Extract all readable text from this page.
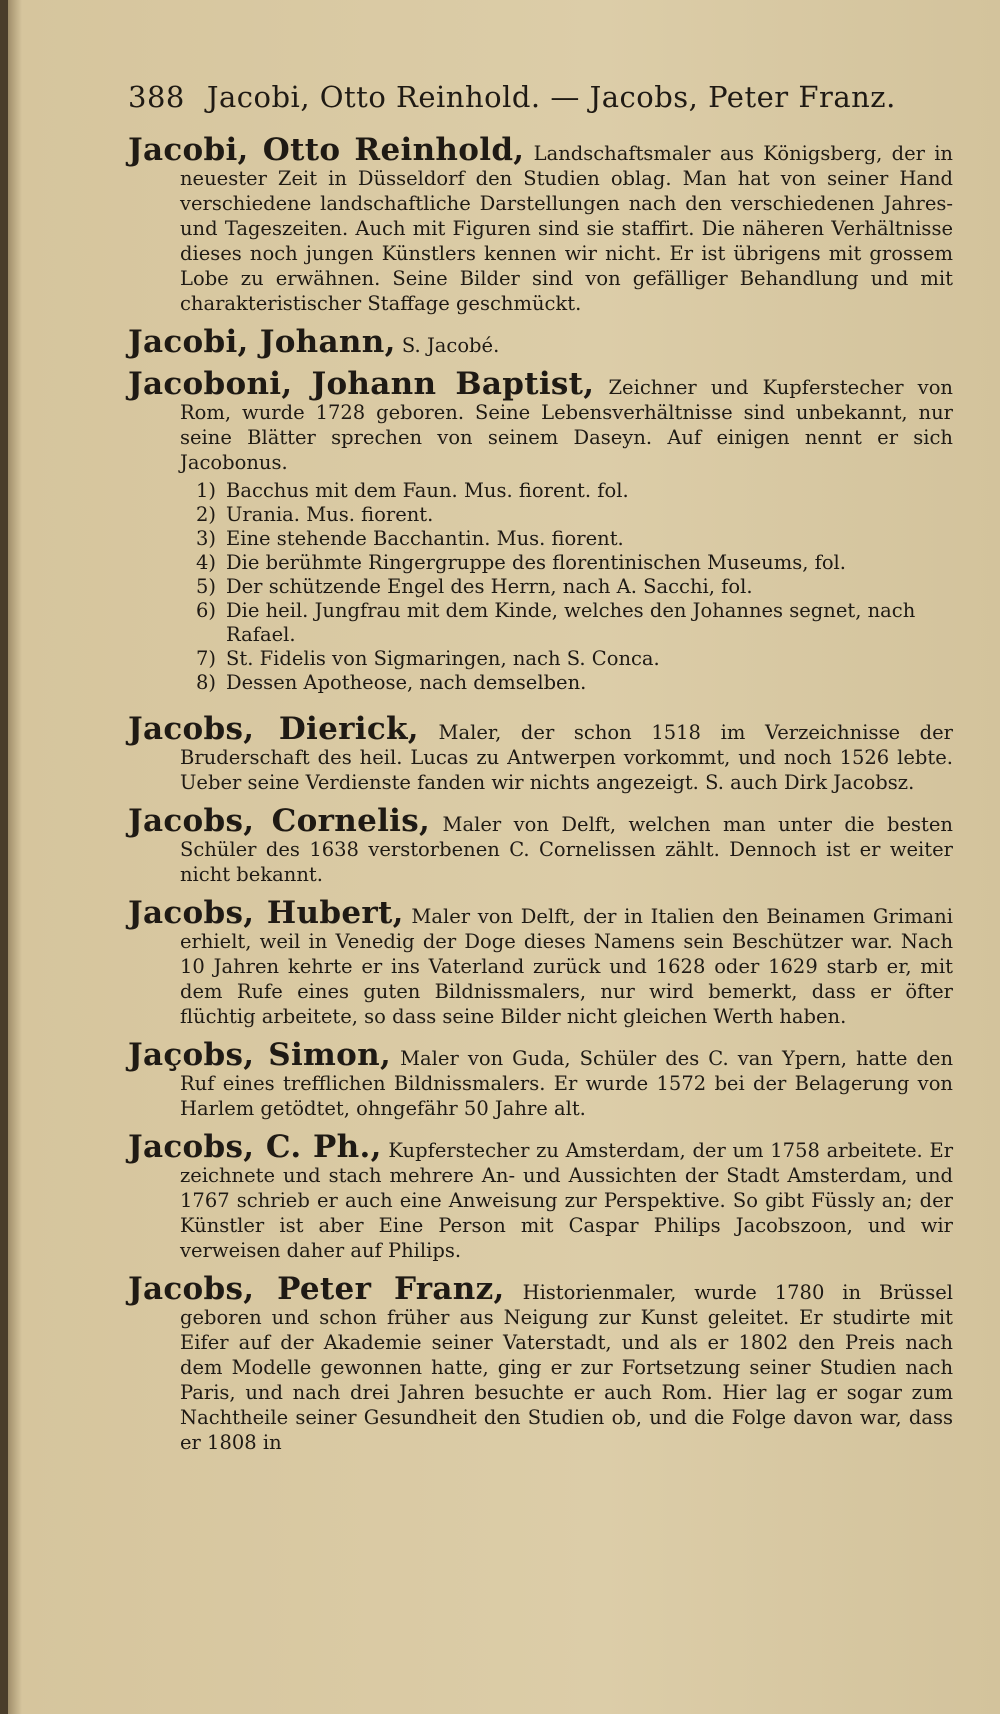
388 Jacobi, Otto Reinhold. — Jacobs, Peter Franz.

Jacobi, Otto Reinhold, Landschaftsmaler aus Königsberg, der in neuester Zeit in Düsseldorf den Studien oblag. Man hat von seiner Hand verschiedene landschaftliche Darstellungen nach den verschiedenen Jahres- und Tageszeiten. Auch mit Figuren sind sie staffirt. Die näheren Verhältnisse dieses noch jungen Künstlers kennen wir nicht. Er ist übrigens mit grossem Lobe zu erwähnen. Seine Bilder sind von gefälliger Behandlung und mit charakteristischer Staffage geschmückt.

Jacobi, Johann, S. Jacobé.

Jacoboni, Johann Baptist, Zeichner und Kupferstecher von Rom, wurde 1728 geboren. Seine Lebensverhältnisse sind unbekannt, nur seine Blätter sprechen von seinem Daseyn. Auf einigen nennt er sich Jacobonus.

1) Bacchus mit dem Faun. Mus. fiorent. fol.
2) Urania. Mus. fiorent.
3) Eine stehende Bacchantin. Mus. fiorent.
4) Die berühmte Ringergruppe des florentinischen Museums, fol.
5) Der schützende Engel des Herrn, nach A. Sacchi, fol.
6) Die heil. Jungfrau mit dem Kinde, welches den Johannes segnet, nach Rafael.
7) St. Fidelis von Sigmaringen, nach S. Conca.
8) Dessen Apotheose, nach demselben.

Jacobs, Dierick, Maler, der schon 1518 im Verzeichnisse der Bruderschaft des heil. Lucas zu Antwerpen vorkommt, und noch 1526 lebte. Ueber seine Verdienste fanden wir nichts angezeigt. S. auch Dirk Jacobsz.

Jacobs, Cornelis, Maler von Delft, welchen man unter die besten Schüler des 1638 verstorbenen C. Cornelissen zählt. Dennoch ist er weiter nicht bekannt.

Jacobs, Hubert, Maler von Delft, der in Italien den Beinamen Grimani erhielt, weil in Venedig der Doge dieses Namens sein Beschützer war. Nach 10 Jahren kehrte er ins Vaterland zurück und 1628 oder 1629 starb er, mit dem Rufe eines guten Bildnissmalers, nur wird bemerkt, dass er öfter flüchtig arbeitete, so dass seine Bilder nicht gleichen Werth haben.

Jaçobs, Simon, Maler von Guda, Schüler des C. van Ypern, hatte den Ruf eines trefflichen Bildnissmalers. Er wurde 1572 bei der Belagerung von Harlem getödtet, ohngefähr 50 Jahre alt.

Jacobs, C. Ph., Kupferstecher zu Amsterdam, der um 1758 arbeitete. Er zeichnete und stach mehrere An- und Aussichten der Stadt Amsterdam, und 1767 schrieb er auch eine Anweisung zur Perspektive. So gibt Füssly an; der Künstler ist aber Eine Person mit Caspar Philips Jacobszoon, und wir verweisen daher auf Philips.

Jacobs, Peter Franz, Historienmaler, wurde 1780 in Brüssel geboren und schon früher aus Neigung zur Kunst geleitet. Er studirte mit Eifer auf der Akademie seiner Vaterstadt, und als er 1802 den Preis nach dem Modelle gewonnen hatte, ging er zur Fortsetzung seiner Studien nach Paris, und nach drei Jahren besuchte er auch Rom. Hier lag er sogar zum Nachtheile seiner Gesundheit den Studien ob, und die Folge davon war, dass er 1808 in
